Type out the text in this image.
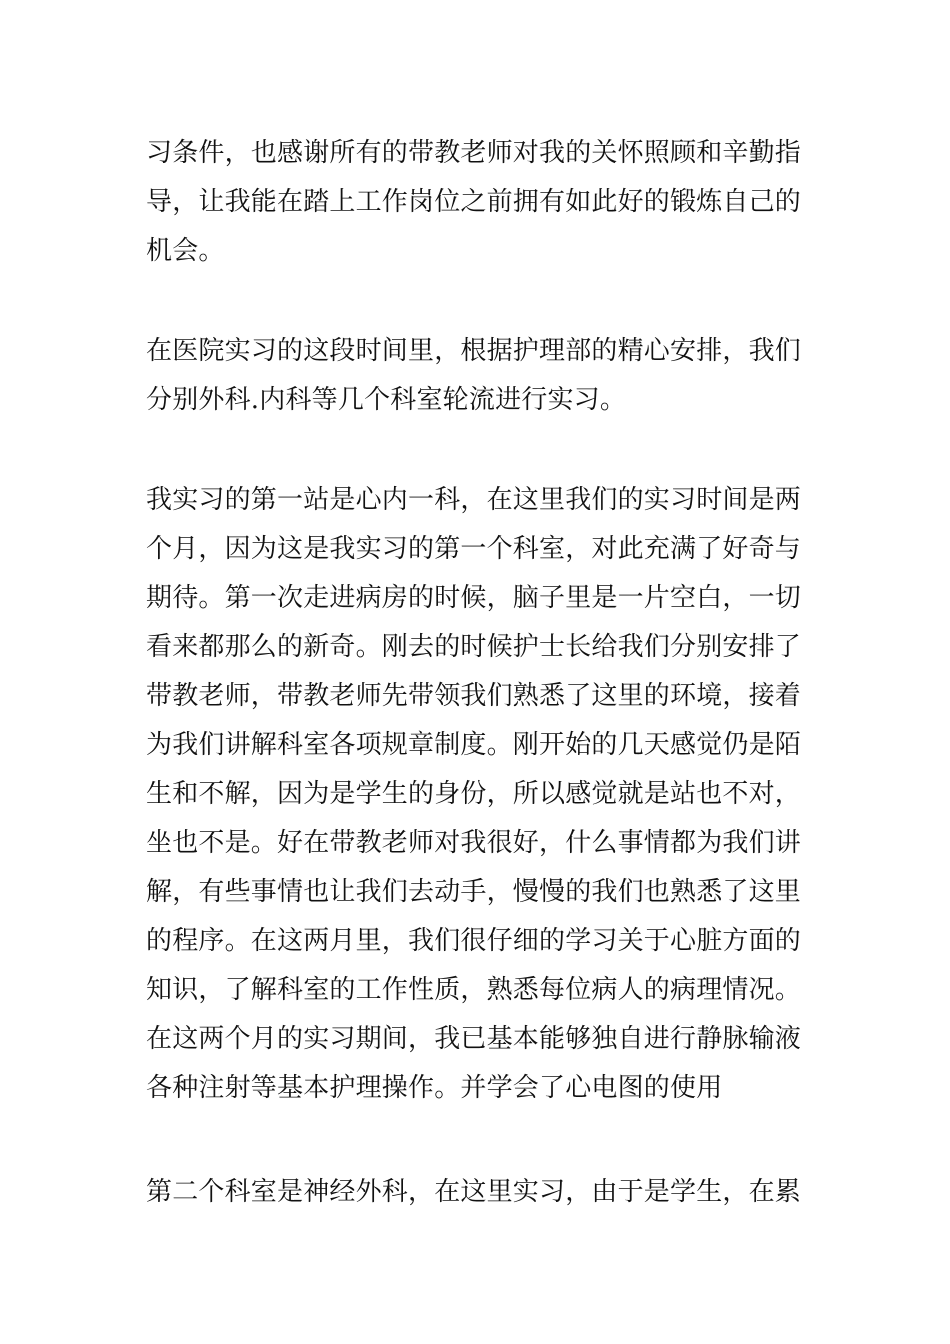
习条件，也感谢所有的带教老师对我的关怀照顾和辛勤指
导，让我能在踏上工作岗位之前拥有如此好的锻炼自己的
机会。
在医院实习的这段时间里，根据护理部的精心安排，我们
分别外科.内科等几个科室轮流进行实习。
我实习的第一站是心内一科，在这里我们的实习时间是两
个月，因为这是我实习的第一个科室，对此充满了好奇与
期待。第一次走进病房的时候，脑子里是一片空白，一切
看来都那么的新奇。刚去的时候护士长给我们分别安排了
带教老师，带教老师先带领我们熟悉了这里的环境，接着
为我们讲解科室各项规章制度。刚开始的几天感觉仍是陌
生和不解，因为是学生的身份，所以感觉就是站也不对，
坐也不是。好在带教老师对我很好，什么事情都为我们讲
解，有些事情也让我们去动手，慢慢的我们也熟悉了这里
的程序。在这两月里，我们很仔细的学习关于心脏方面的
知识，了解科室的工作性质，熟悉每位病人的病理情况。
在这两个月的实习期间，我已基本能够独自进行静脉输液
各种注射等基本护理操作。并学会了心电图的使用
第二个科室是神经外科，在这里实习，由于是学生，在累
